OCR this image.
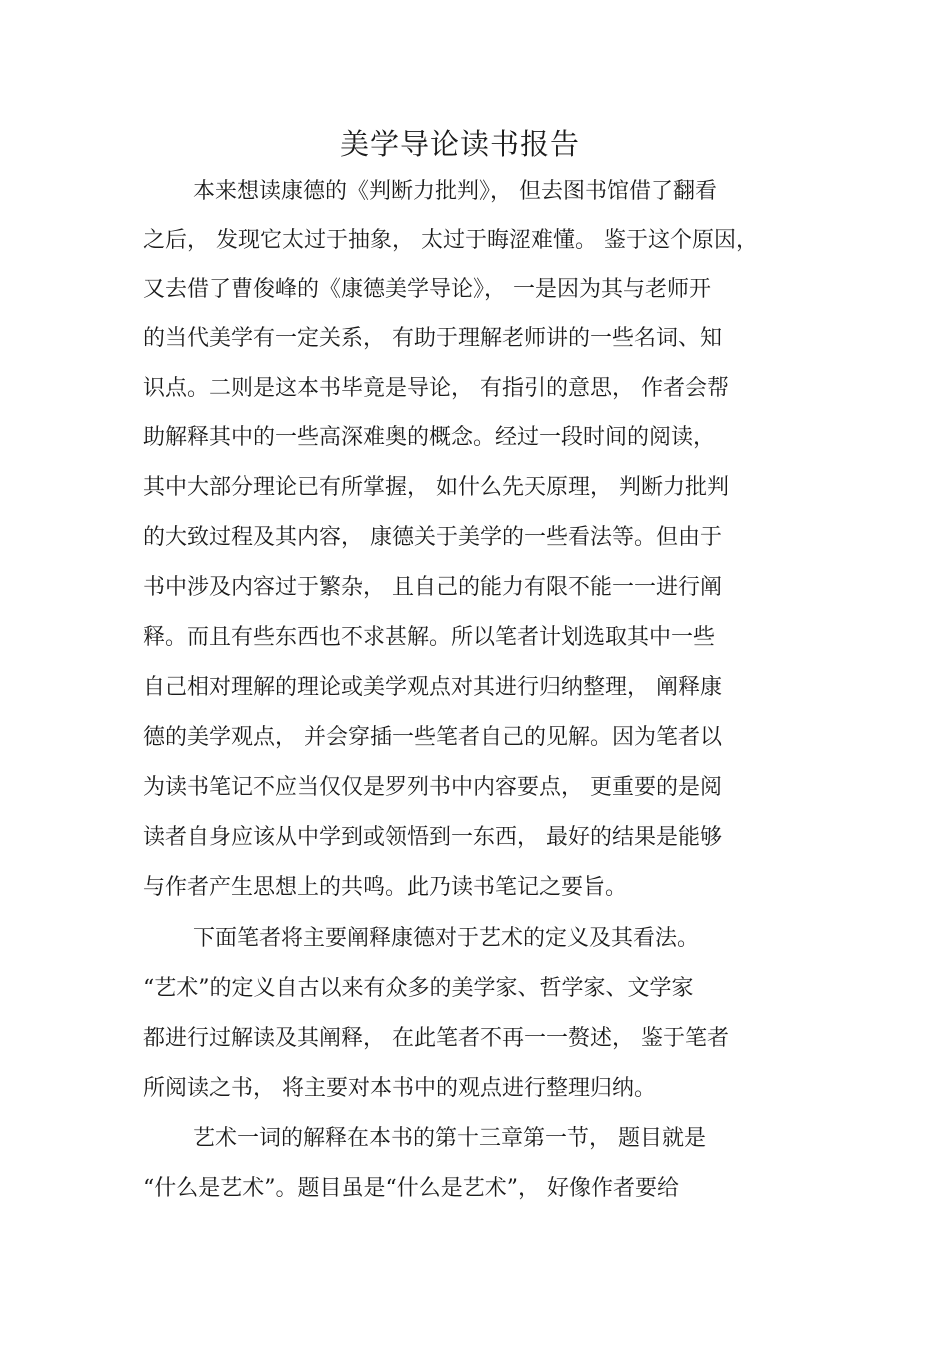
美学导论读书报告
本来想读康德的《判断力批判》， 但去图书馆借了翻看
之后， 发现它太过于抽象， 太过于晦涩难懂。 鉴于这个原因，
又去借了曹俊峰的《康德美学导论》， 一是因为其与老师开
的当代美学有一定关系， 有助于理解老师讲的一些名词、知
识点。二则是这本书毕竟是导论， 有指引的意思， 作者会帮
助解释其中的一些高深难奥的概念。经过一段时间的阅读，
其中大部分理论已有所掌握， 如什么先天原理， 判断力批判
的大致过程及其内容， 康德关于美学的一些看法等。但由于
书中涉及内容过于繁杂， 且自己的能力有限不能一一进行阐
释。而且有些东西也不求甚解。所以笔者计划选取其中一些
自己相对理解的理论或美学观点对其进行归纳整理， 阐释康
德的美学观点， 并会穿插一些笔者自己的见解。因为笔者以
为读书笔记不应当仅仅是罗列书中内容要点， 更重要的是阅
读者自身应该从中学到或领悟到一东西， 最好的结果是能够
与作者产生思想上的共鸣。此乃读书笔记之要旨。
下面笔者将主要阐释康德对于艺术的定义及其看法。
“艺术”的定义自古以来有众多的美学家、哲学家、文学家
都进行过解读及其阐释， 在此笔者不再一一赘述， 鉴于笔者
所阅读之书， 将主要对本书中的观点进行整理归纳。
艺术一词的解释在本书的第十三章第一节， 题目就是
“什么是艺术”。题目虽是“什么是艺术”， 好像作者要给
